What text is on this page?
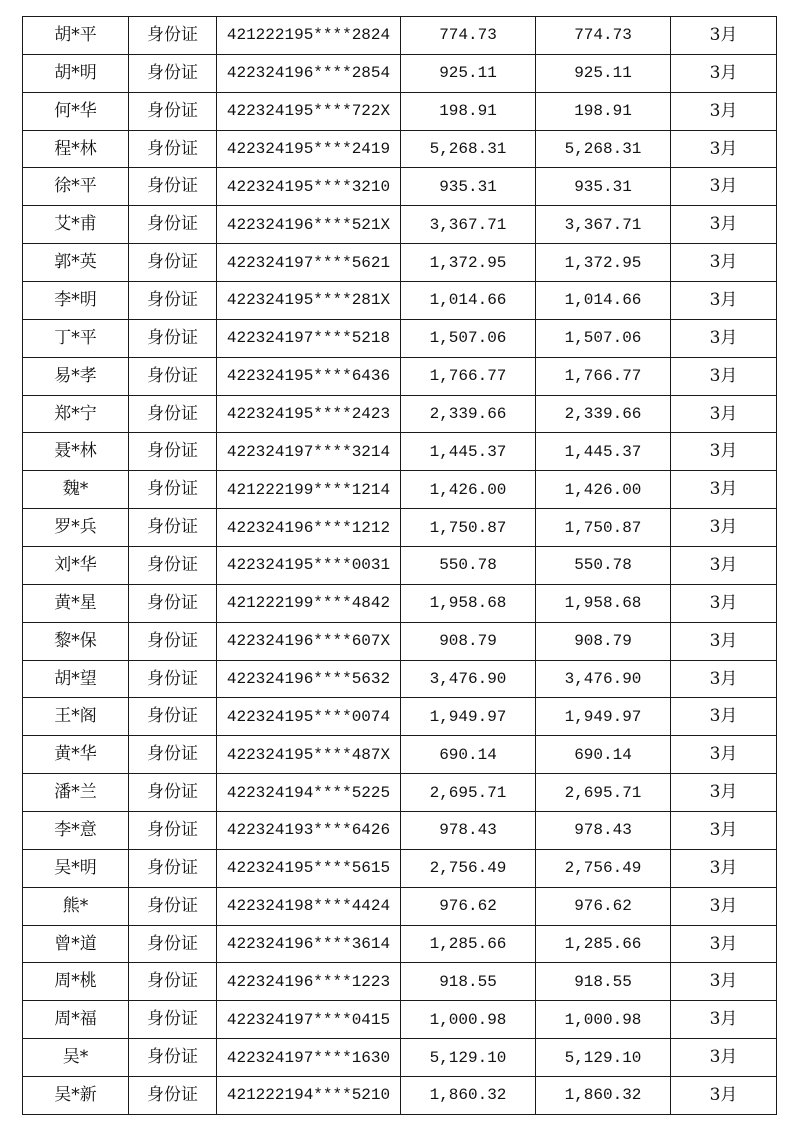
胡*平	身份证	421222195****2824	774.73	774.73	3月
胡*明	身份证	422324196****2854	925.11	925.11	3月
何*华	身份证	422324195****722X	198.91	198.91	3月
程*林	身份证	422324195****2419	5,268.31	5,268.31	3月
徐*平	身份证	422324195****3210	935.31	935.31	3月
艾*甫	身份证	422324196****521X	3,367.71	3,367.71	3月
郭*英	身份证	422324197****5621	1,372.95	1,372.95	3月
李*明	身份证	422324195****281X	1,014.66	1,014.66	3月
丁*平	身份证	422324197****5218	1,507.06	1,507.06	3月
易*孝	身份证	422324195****6436	1,766.77	1,766.77	3月
郑*宁	身份证	422324195****2423	2,339.66	2,339.66	3月
聂*林	身份证	422324197****3214	1,445.37	1,445.37	3月
魏*	身份证	421222199****1214	1,426.00	1,426.00	3月
罗*兵	身份证	422324196****1212	1,750.87	1,750.87	3月
刘*华	身份证	422324195****0031	550.78	550.78	3月
黄*星	身份证	421222199****4842	1,958.68	1,958.68	3月
黎*保	身份证	422324196****607X	908.79	908.79	3月
胡*望	身份证	422324196****5632	3,476.90	3,476.90	3月
王*阁	身份证	422324195****0074	1,949.97	1,949.97	3月
黄*华	身份证	422324195****487X	690.14	690.14	3月
潘*兰	身份证	422324194****5225	2,695.71	2,695.71	3月
李*意	身份证	422324193****6426	978.43	978.43	3月
吴*明	身份证	422324195****5615	2,756.49	2,756.49	3月
熊*	身份证	422324198****4424	976.62	976.62	3月
曾*道	身份证	422324196****3614	1,285.66	1,285.66	3月
周*桃	身份证	422324196****1223	918.55	918.55	3月
周*福	身份证	422324197****0415	1,000.98	1,000.98	3月
吴*	身份证	422324197****1630	5,129.10	5,129.10	3月
吴*新	身份证	421222194****5210	1,860.32	1,860.32	3月
